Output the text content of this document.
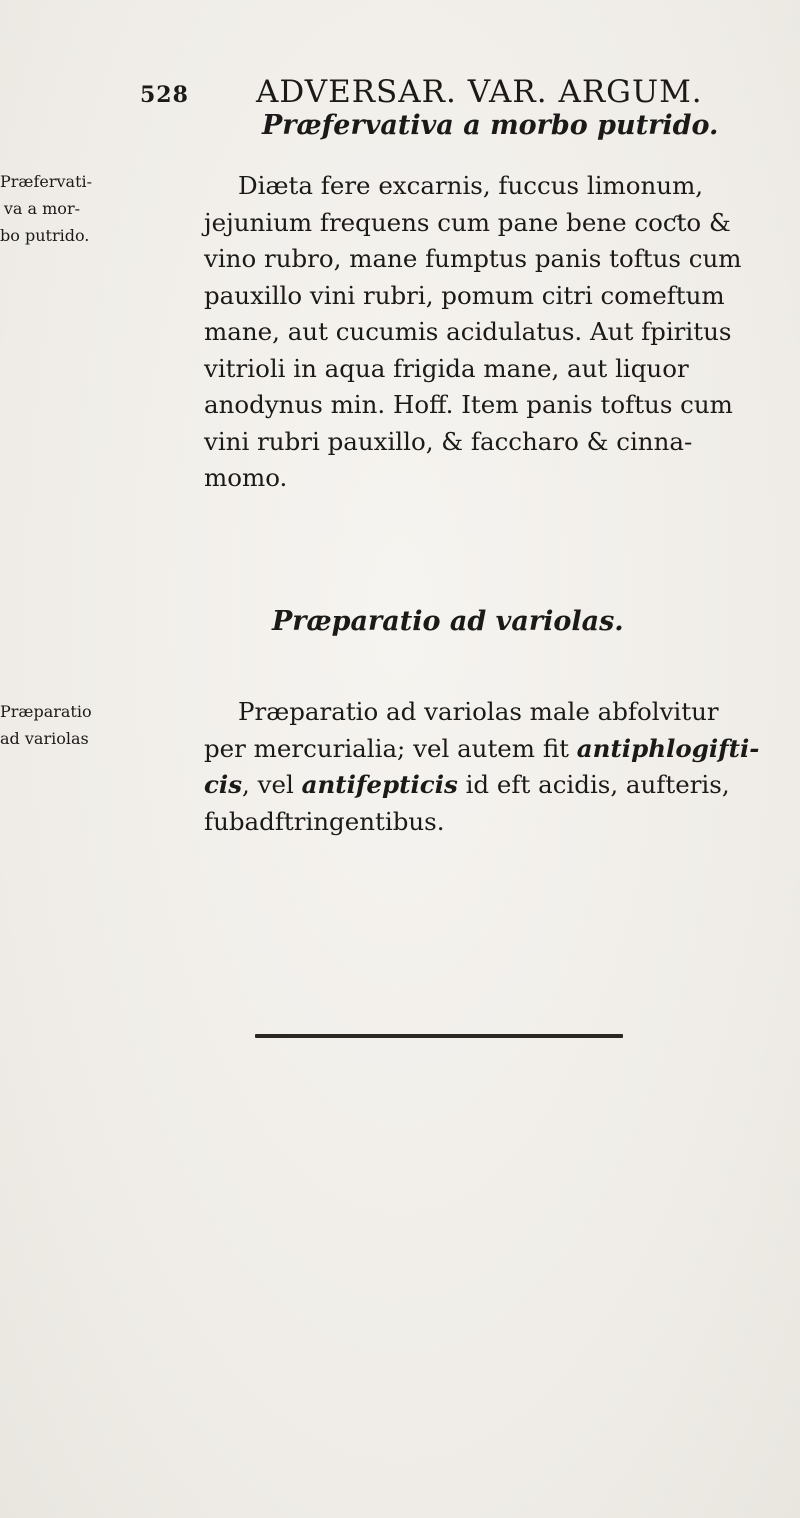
528 ADVERSAR. VAR. ARGUM.
Præfervativa a morbo putrido.
Præfervati-
va a mor-
bo putrido.
Diæta fere excarnis, fuccus limonum,
jejunium frequens cum pane bene coƈto &
vino rubro, mane fumptus panis toftus cum
pauxillo vini rubri, pomum citri comeftum
mane, aut cucumis acidulatus. Aut fpiritus
vitrioli in aqua frigida mane, aut liquor
anodynus min. Hoff. Item panis toftus cum
vini rubri pauxillo, & faccharo & cinna-
momo.
Præparatio ad variolas.
Præparatio
ad variolas
Præparatio ad variolas male abfolvitur
per mercurialia; vel autem fit antiphlogifti-
cis, vel antifepticis id eft acidis, aufteris,
fubadftringentibus.
